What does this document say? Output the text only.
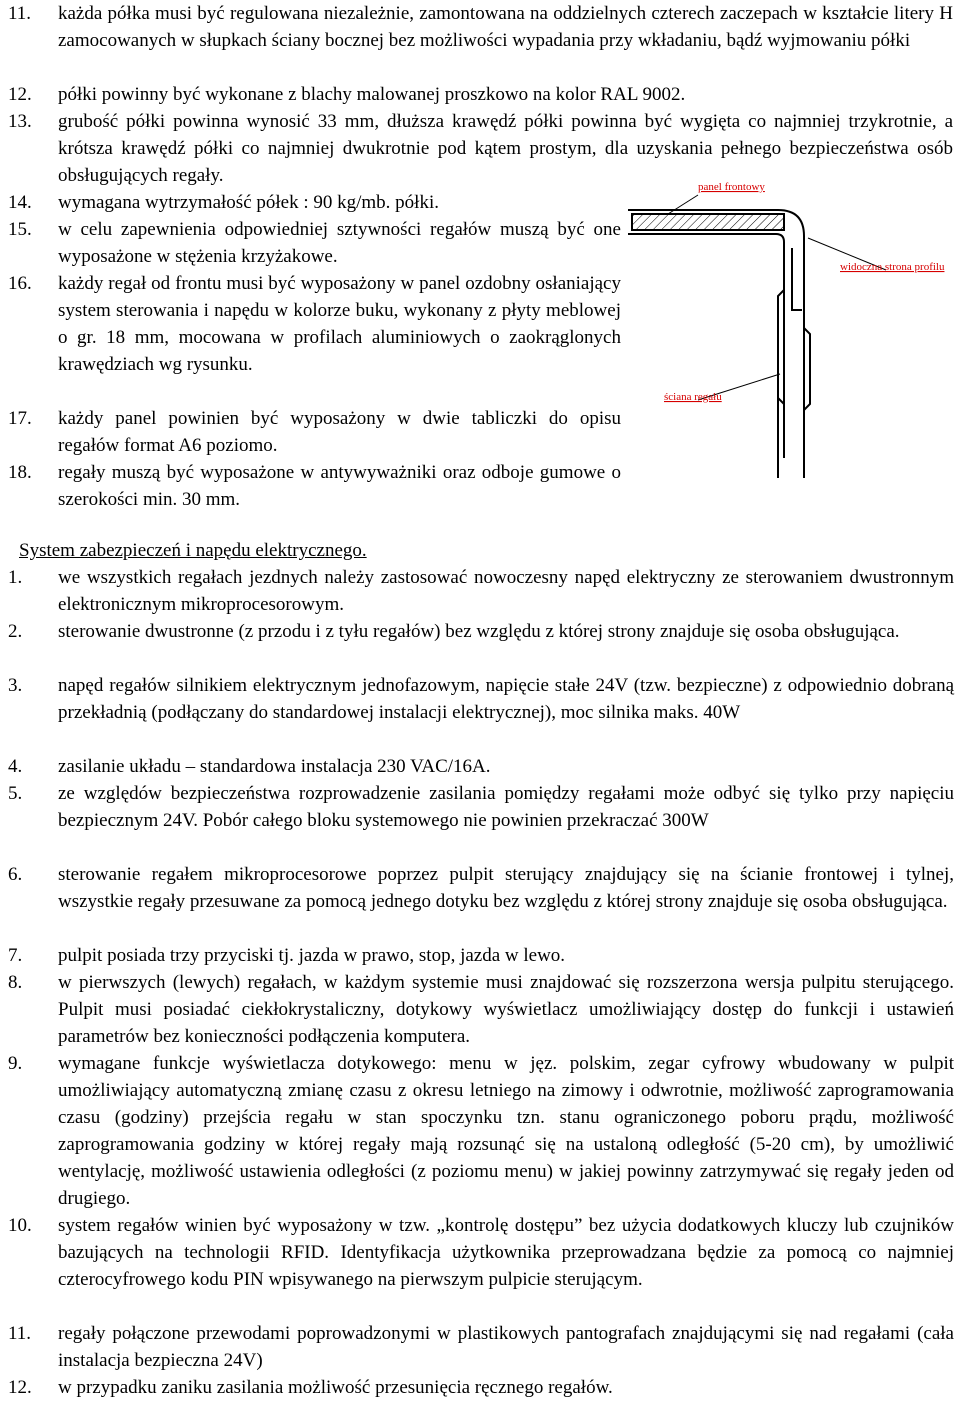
11.	każda półka musi być regulowana niezależnie, zamontowana na oddzielnych czterech zaczepach w kształcie litery H zamocowanych w słupkach ściany bocznej bez możliwości wypadania przy wkładaniu, bądź wyjmowaniu półki
12.	półki powinny być wykonane z blachy malowanej proszkowo na kolor RAL 9002.
13.	grubość półki powinna wynosić 33 mm, dłuższa krawędź półki powinna być wygięta co najmniej trzykrotnie, a krótsza krawędź półki co najmniej dwukrotnie pod kątem prostym, dla uzyskania pełnego bezpieczeństwa osób obsługujących regały.
14.	wymagana wytrzymałość półek : 90 kg/mb. półki.
15.	w celu zapewnienia odpowiedniej sztywności regałów muszą być one wyposażone w stężenia krzyżakowe.
16.	każdy regał od frontu musi być wyposażony w panel ozdobny osłaniający system sterowania i napędu w kolorze buku, wykonany z płyty meblowej o gr. 18 mm, mocowana w profilach aluminiowych o zaokrąglonych krawędziach wg rysunku.
17.	każdy panel powinien być wyposażony w dwie tabliczki do opisu regałów format A6 poziomo.
18.	regały muszą być wyposażone w antywyważniki oraz odboje gumowe o szerokości min. 30 mm.
panel frontowy
widoczna strona profilu
ściana regału
System zabezpieczeń i napędu elektrycznego.
1.	we wszystkich regałach jezdnych należy zastosować nowoczesny napęd elektryczny ze sterowaniem dwustronnym elektronicznym mikroprocesorowym.
2.	sterowanie dwustronne (z przodu i z tyłu regałów) bez względu z której strony znajduje się osoba obsługująca.
3.	napęd regałów silnikiem elektrycznym jednofazowym, napięcie stałe 24V (tzw. bezpieczne) z odpowiednio dobraną przekładnią (podłączany do standardowej instalacji elektrycznej), moc silnika maks. 40W
4.	zasilanie układu – standardowa instalacja 230 VAC/16A.
5.	ze względów bezpieczeństwa rozprowadzenie zasilania pomiędzy regałami może odbyć się tylko przy napięciu bezpiecznym 24V. Pobór całego bloku systemowego nie powinien przekraczać 300W
6.	sterowanie regałem mikroprocesorowe poprzez pulpit sterujący znajdujący się na ścianie frontowej i tylnej, wszystkie regały przesuwane za pomocą jednego dotyku bez względu z której strony znajduje się osoba obsługująca.
7.	pulpit posiada trzy przyciski tj. jazda w prawo, stop, jazda w lewo.
8.	w pierwszych (lewych) regałach, w każdym systemie musi znajdować się rozszerzona wersja pulpitu sterującego. Pulpit musi posiadać ciekłokrystaliczny, dotykowy wyświetlacz umożliwiający dostęp do funkcji i ustawień parametrów bez konieczności podłączenia komputera.
9.	wymagane funkcje wyświetlacza dotykowego: menu w jęz. polskim, zegar cyfrowy wbudowany w pulpit umożliwiający automatyczną zmianę czasu z okresu letniego na zimowy i odwrotnie, możliwość zaprogramowania czasu (godziny) przejścia regału w stan spoczynku tzn. stanu ograniczonego poboru prądu, możliwość zaprogramowania godziny w której regały mają rozsunąć się na ustaloną odległość (5-20 cm), by umożliwić wentylację, możliwość ustawienia odległości (z poziomu menu) w jakiej powinny zatrzymywać się regały jeden od drugiego.
10.	system regałów winien być wyposażony w tzw. „kontrolę dostępu” bez użycia dodatkowych kluczy lub czujników bazujących na technologii RFID. Identyfikacja użytkownika przeprowadzana będzie za pomocą co najmniej czterocyfrowego kodu PIN wpisywanego na pierwszym pulpicie sterującym.
11.	regały połączone przewodami poprowadzonymi w plastikowych pantografach znajdującymi się nad regałami (cała instalacja bezpieczna 24V)
12.	w przypadku zaniku zasilania możliwość przesunięcia ręcznego regałów.
